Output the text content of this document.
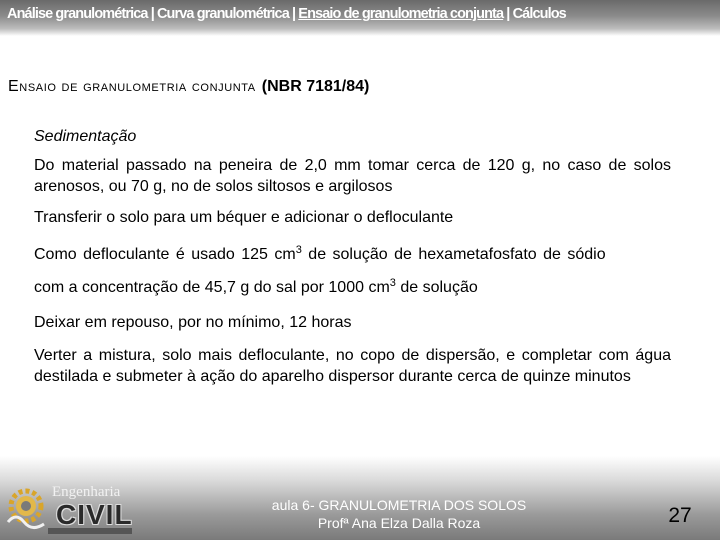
Análise granulométrica | Curva granulométrica | Ensaio de granulometria conjunta | Cálculos
Ensaio de granulometria conjunta (NBR 7181/84)

Sedimentação

Do material passado na peneira de 2,0 mm tomar cerca de 120 g, no caso de solos arenosos, ou 70 g, no de solos siltosos e argilosos

Transferir o solo para um béquer e adicionar o defloculante

Como defloculante é usado 125 $cm^3$ de solução de hexametafosfato de sódio

com a concentração de 45,7 g do sal por 1000 $cm^3$ de solução

Deixar em repouso, por no mínimo, 12 horas

Verter a mistura, solo mais defloculante, no copo de dispersão, e completar com água destilada e submeter à ação do aparelho dispersor durante cerca de quinze minutos

Engenharia
CIVIL	aula 6- GRANULOMETRIA DOS SOLOS
Profª Ana Elza Dalla Roza	27
